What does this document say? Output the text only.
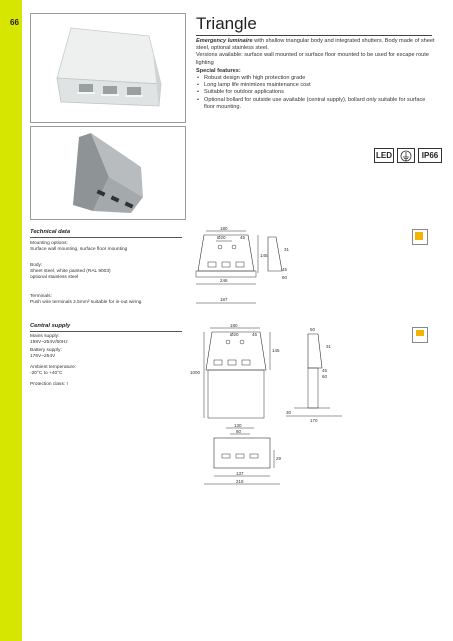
66	Triangle
Emergency luminaire with shallow triangular body and integrated shutters. Body made of sheet steel, optional stainless steel.
Versions available: surface wall mounted or surface floor mounted to be used for escape route lighting
Special features:
• Robust design with high protection grade
• Long lamp life minimizes maintenance cost
• Suitable for outdoor applications
• Optional bollard for outside use available (central supply), bollard only suitable for surface floor mounting.
LED	IP66
Technical data
Mounting options:
Surface wall mounting, surface floor mounting
Body:
Sheet steel, white painted (RAL 9003)
optional stainless steel
Terminals:
Push wire terminals 2.5mm² suitable for in-out wiring
Central supply
Mains supply:
198V~254V/50Hz
Battery supply:
176V~254V
Ambient temperature:
-20°C to +40°C
Protection class: I
180
Ø20	45
246
187
145
31
45
60
180
Ø20	45
1000
145
50
31
45
60
30
170
130
80
29
137
219
